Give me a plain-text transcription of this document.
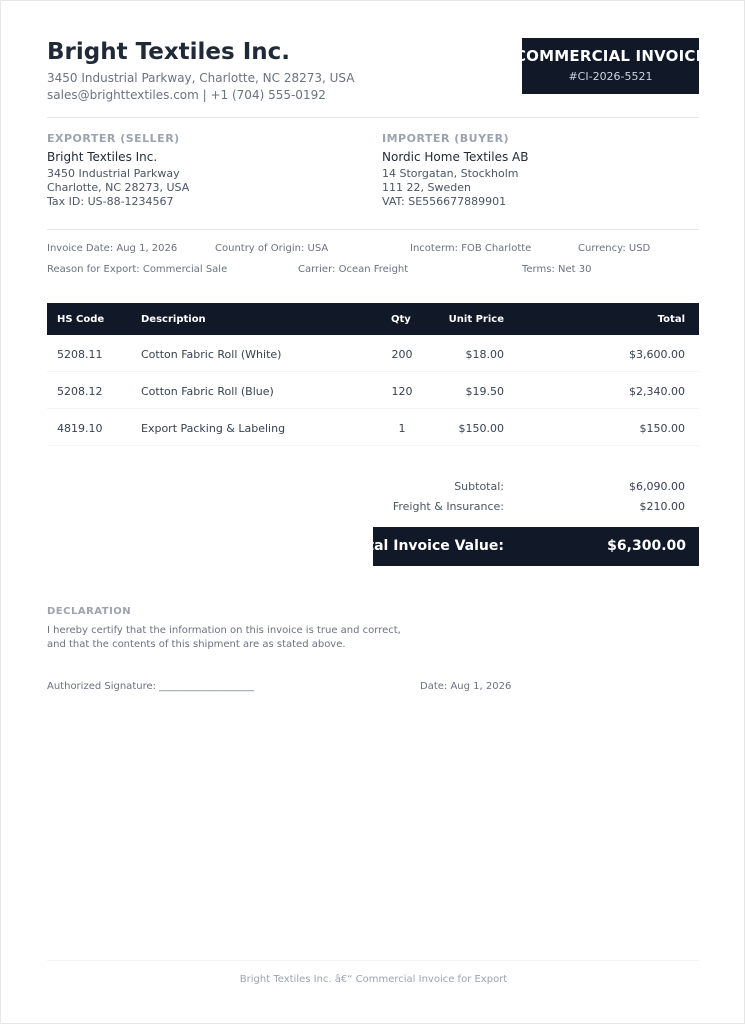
Bright Textiles Inc.
3450 Industrial Parkway, Charlotte, NC 28273, USA
sales@brighttextiles.com | +1 (704) 555-0192
COMMERCIAL INVOICE
#CI-2026-5521
EXPORTER (SELLER)
Bright Textiles Inc.
3450 Industrial Parkway
Charlotte, NC 28273, USA
Tax ID: US-88-1234567
IMPORTER (BUYER)
Nordic Home Textiles AB
14 Storgatan, Stockholm
111 22, Sweden
VAT: SE556677889901
Invoice Date: Aug 1, 2026	Country of Origin: USA	Incoterm: FOB Charlotte	Currency: USD
Reason for Export: Commercial Sale	Carrier: Ocean Freight	Terms: Net 30
HS Code	Description	Qty	Unit Price	Total
5208.11	Cotton Fabric Roll (White)	200	$18.00	$3,600.00
5208.12	Cotton Fabric Roll (Blue)	120	$19.50	$2,340.00
4819.10	Export Packing & Labeling	1	$150.00	$150.00
Subtotal:	$6,090.00
Freight & Insurance:	$210.00
Total Invoice Value:	$6,300.00
DECLARATION
I hereby certify that the information on this invoice is true and correct,
and that the contents of this shipment are as stated above.
Authorized Signature: ___________________	Date: Aug 1, 2026
Bright Textiles Inc. â€“ Commercial Invoice for Export
